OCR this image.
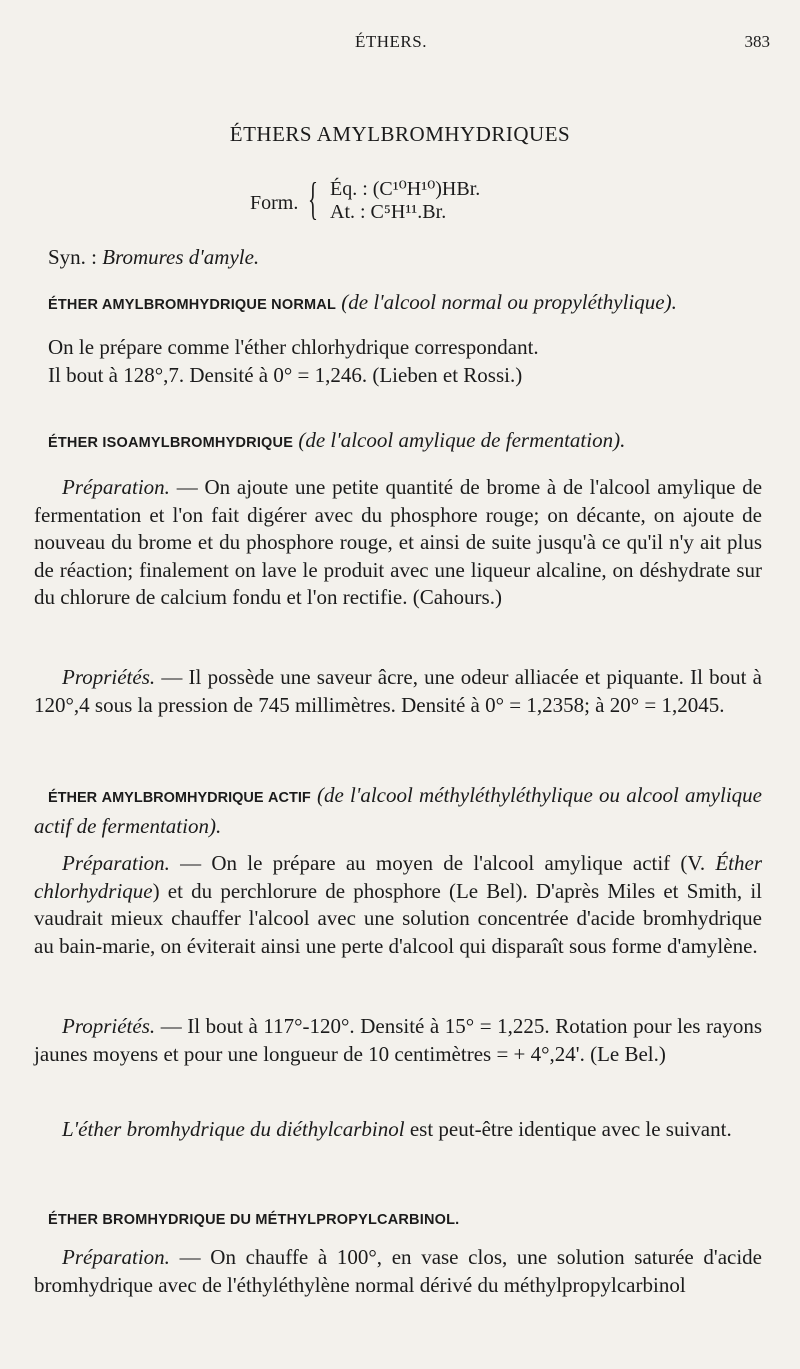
ÉTHERS.	383
ÉTHERS AMYLBROMHYDRIQUES
Form. { Éq. : (C¹⁰H¹⁰)HBr.
At. : C⁵H¹¹.Br.
Syn. : Bromures d'amyle.
ÉTHER AMYLBROMHYDRIQUE NORMAL (de l'alcool normal ou propyléthylique).
On le prépare comme l'éther chlorhydrique correspondant.
Il bout à 128°,7. Densité à 0° = 1,246. (Lieben et Rossi.)
ÉTHER ISOAMYLBROMHYDRIQUE (de l'alcool amylique de fermentation).
Préparation. — On ajoute une petite quantité de brome à de l'alcool amylique de fermentation et l'on fait digérer avec du phosphore rouge; on décante, on ajoute de nouveau du brome et du phosphore rouge, et ainsi de suite jusqu'à ce qu'il n'y ait plus de réaction; finalement on lave le produit avec une liqueur alcaline, on déshydrate sur du chlorure de calcium fondu et l'on rectifie. (Cahours.)
Propriétés. — Il possède une saveur âcre, une odeur alliacée et piquante. Il bout à 120°,4 sous la pression de 745 millimètres. Densité à 0° = 1,2358; à 20° = 1,2045.
ÉTHER AMYLBROMHYDRIQUE ACTIF (de l'alcool méthyléthyléthylique ou alcool amylique actif de fermentation).
Préparation. — On le prépare au moyen de l'alcool amylique actif (V. Éther chlorhydrique) et du perchlorure de phosphore (Le Bel). D'après Miles et Smith, il vaudrait mieux chauffer l'alcool avec une solution concentrée d'acide bromhydrique au bain-marie, on éviterait ainsi une perte d'alcool qui disparaît sous forme d'amylène.
Propriétés. — Il bout à 117°-120°. Densité à 15° = 1,225. Rotation pour les rayons jaunes moyens et pour une longueur de 10 centimètres = + 4°,24'. (Le Bel.)
L'éther bromhydrique du diéthylcarbinol est peut-être identique avec le suivant.
ÉTHER BROMHYDRIQUE DU MÉTHYLPROPYLCARBINOL.
Préparation. — On chauffe à 100°, en vase clos, une solution saturée d'acide bromhydrique avec de l'éthyléthylène normal dérivé du méthylpropylcarbinol
